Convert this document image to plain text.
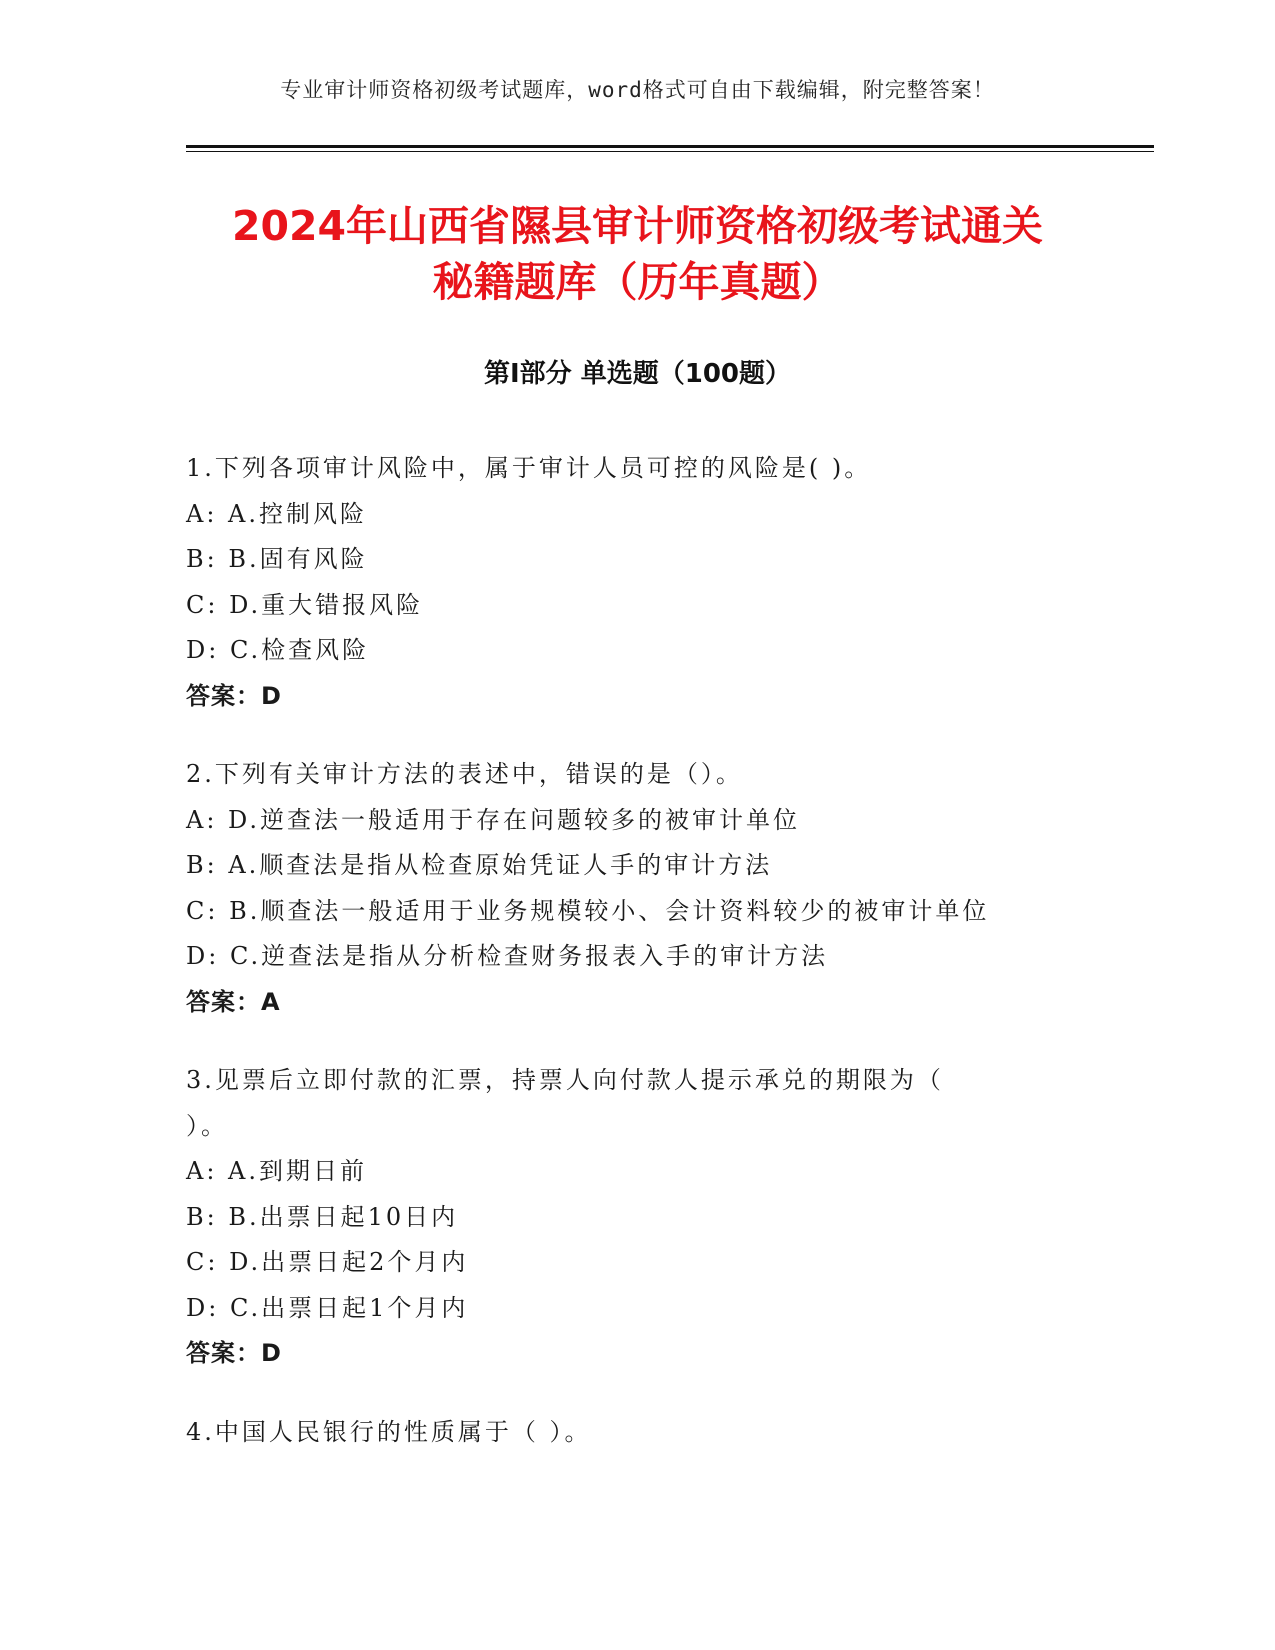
专业审计师资格初级考试题库，word格式可自由下载编辑，附完整答案！
2024年山西省隰县审计师资格初级考试通关
秘籍题库（历年真题）
第I部分 单选题（100题）
1.下列各项审计风险中，属于审计人员可控的风险是( )。
A: A.控制风险
B: B.固有风险
C: D.重大错报风险
D: C.检查风险
答案：D
2.下列有关审计方法的表述中，错误的是（）。
A: D.逆查法一般适用于存在问题较多的被审计单位
B: A.顺查法是指从检查原始凭证人手的审计方法
C: B.顺查法一般适用于业务规模较小、会计资料较少的被审计单位
D: C.逆查法是指从分析检查财务报表入手的审计方法
答案：A
3.见票后立即付款的汇票，持票人向付款人提示承兑的期限为（ ）。
A: A.到期日前
B: B.出票日起10日内
C: D.出票日起2个月内
D: C.出票日起1个月内
答案：D
4.中国人民银行的性质属于（ ）。
